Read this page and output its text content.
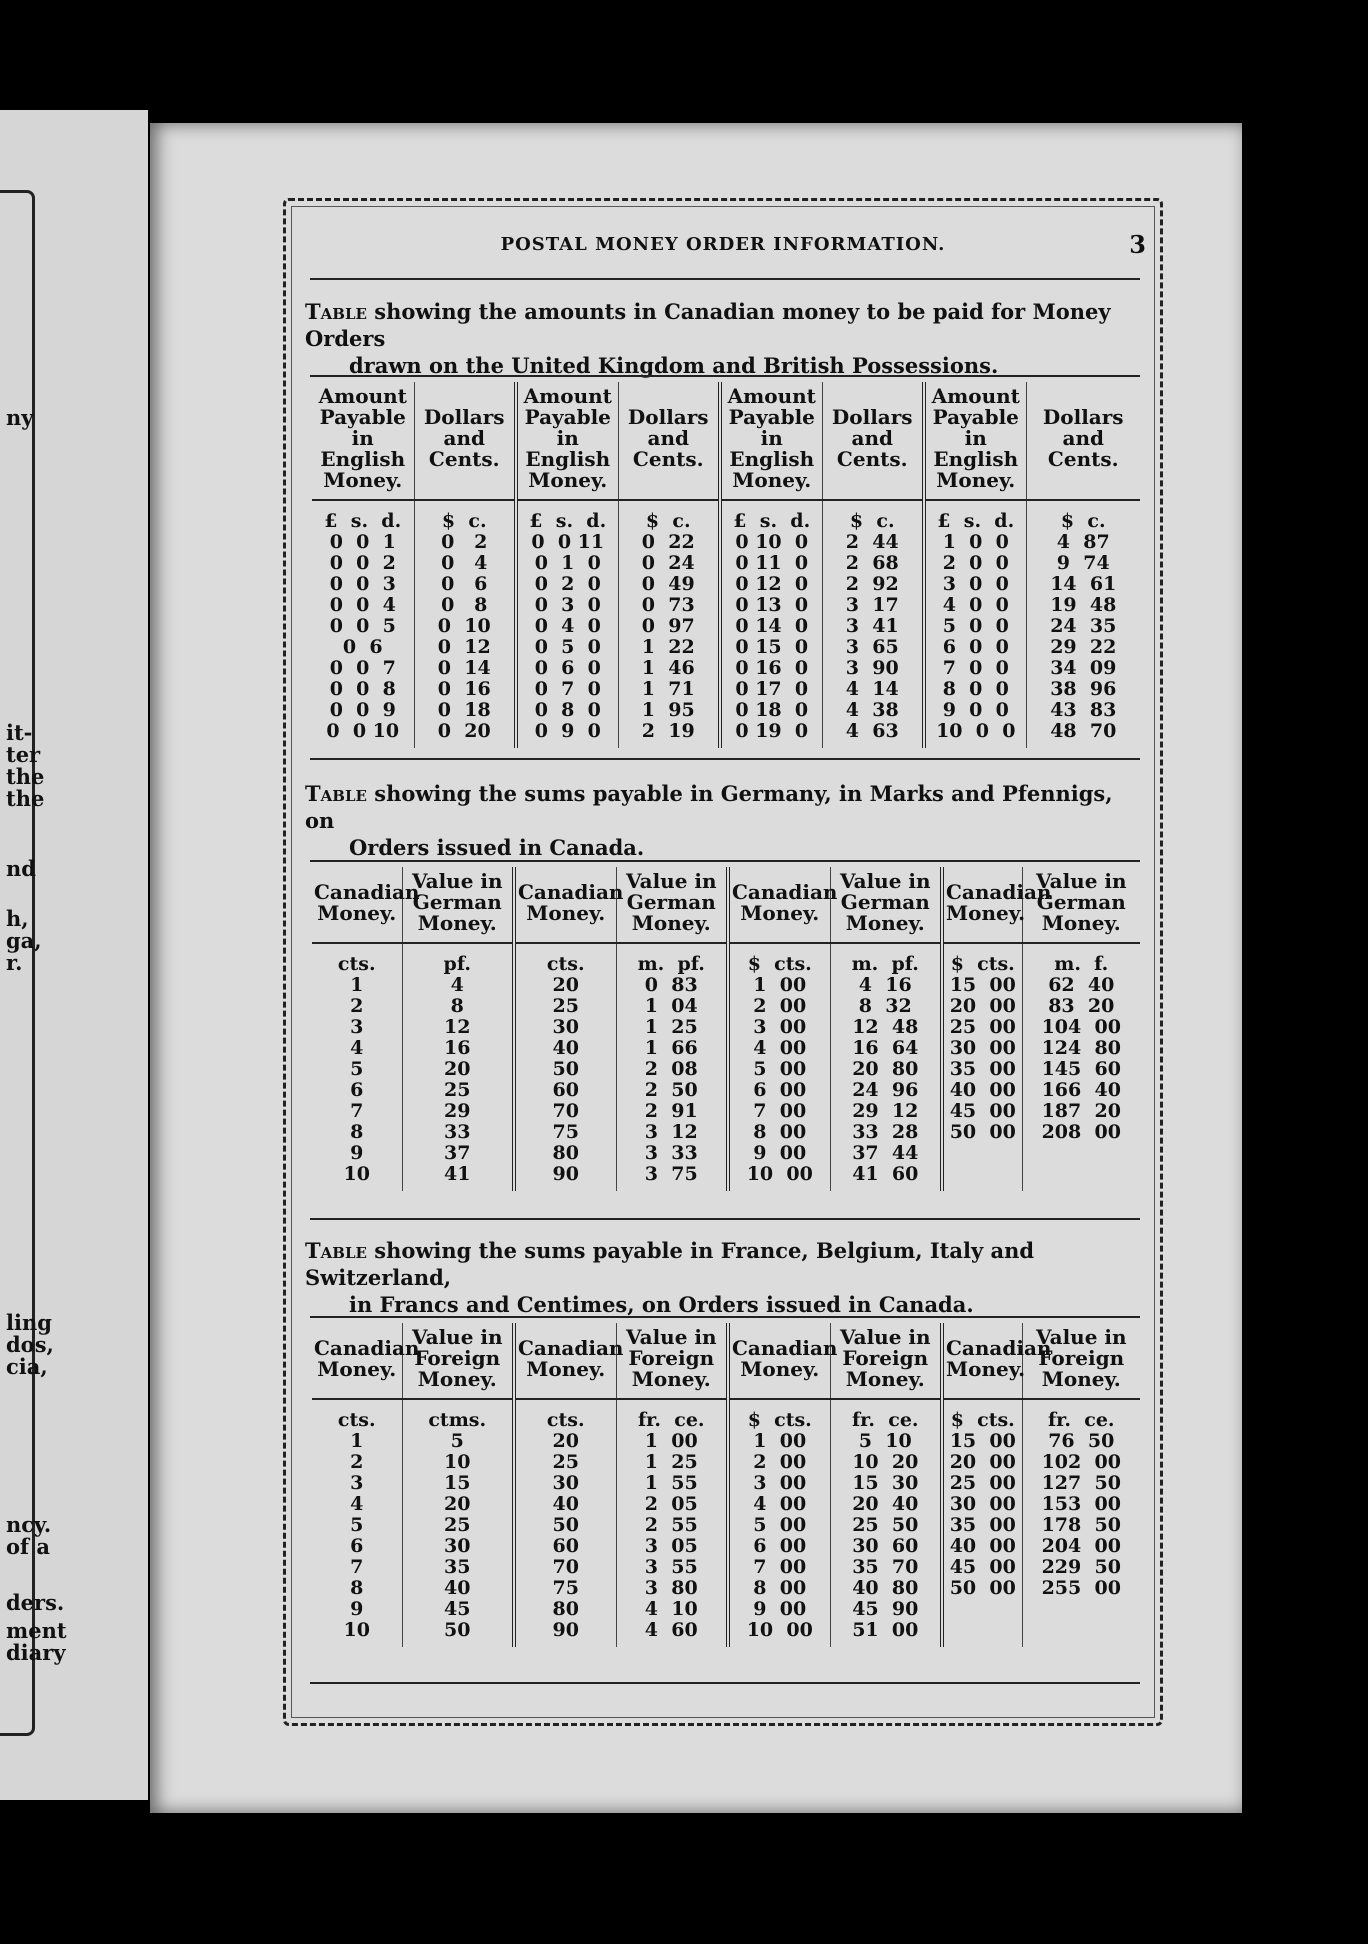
ny
it-
ter
the
the
nd
h,
ga,
r.
ling
dos,
cia,
ncy.
of a
ders.
ment
diary
POSTAL MONEY ORDER INFORMATION.	3
Table showing the amounts in Canadian money to be paid for Money Orders
drawn on the United Kingdom and British Possessions.
Amount Payable in English Money.	Dollars and Cents.	Amount Payable in English Money.	Dollars and Cents.	Amount Payable in English Money.	Dollars and Cents.	Amount Payable in English Money.	Dollars and Cents.
£  s.  d.	$  c.	£  s.  d.	$  c.	£  s.  d.	$  c.	£  s.  d.	$  c.
0  0  1	0   2	0  0 11	0  22	0 10  0	2  44	1  0  0	4  87
0  0  2	0   4	0  1  0	0  24	0 11  0	2  68	2  0  0	9  74
0  0  3	0   6	0  2  0	0  49	0 12  0	2  92	3  0  0	14  61
0  0  4	0   8	0  3  0	0  73	0 13  0	3  17	4  0  0	19  48
0  0  5	0  10	0  4  0	0  97	0 14  0	3  41	5  0  0	24  35
0  6	0  12	0  5  0	1  22	0 15  0	3  65	6  0  0	29  22
0  0  7	0  14	0  6  0	1  46	0 16  0	3  90	7  0  0	34  09
0  0  8	0  16	0  7  0	1  71	0 17  0	4  14	8  0  0	38  96
0  0  9	0  18	0  8  0	1  95	0 18  0	4  38	9  0  0	43  83
0  0 10	0  20	0  9  0	2  19	0 19  0	4  63	10  0  0	48  70
Table showing the sums payable in Germany, in Marks and Pfennigs, on
Orders issued in Canada.
Canadian Money.	Value in German Money.	Canadian Money.	Value in German Money.	Canadian Money.	Value in German Money.	Canadian Money.	Value in German Money.
cts.	pf.	cts.	m.  pf.	$  cts.	m.  pf.	$  cts.	m.  f.
1	4	20	0  83	1  00	4  16	15  00	62  40
2	8	25	1  04	2  00	8  32	20  00	83  20
3	12	30	1  25	3  00	12  48	25  00	104  00
4	16	40	1  66	4  00	16  64	30  00	124  80
5	20	50	2  08	5  00	20  80	35  00	145  60
6	25	60	2  50	6  00	24  96	40  00	166  40
7	29	70	2  91	7  00	29  12	45  00	187  20
8	33	75	3  12	8  00	33  28	50  00	208  00
9	37	80	3  33	9  00	37  44		
10	41	90	3  75	10  00	41  60		
Table showing the sums payable in France, Belgium, Italy and Switzerland,
in Francs and Centimes, on Orders issued in Canada.
Canadian Money.	Value in Foreign Money.	Canadian Money.	Value in Foreign Money.	Canadian Money.	Value in Foreign Money.	Canadian Money.	Value in Foreign Money.
cts.	ctms.	cts.	fr.  ce.	$  cts.	fr.  ce.	$  cts.	fr.  ce.
1	5	20	1  00	1  00	5  10	15  00	76  50
2	10	25	1  25	2  00	10  20	20  00	102  00
3	15	30	1  55	3  00	15  30	25  00	127  50
4	20	40	2  05	4  00	20  40	30  00	153  00
5	25	50	2  55	5  00	25  50	35  00	178  50
6	30	60	3  05	6  00	30  60	40  00	204  00
7	35	70	3  55	7  00	35  70	45  00	229  50
8	40	75	3  80	8  00	40  80	50  00	255  00
9	45	80	4  10	9  00	45  90		
10	50	90	4  60	10  00	51  00		
